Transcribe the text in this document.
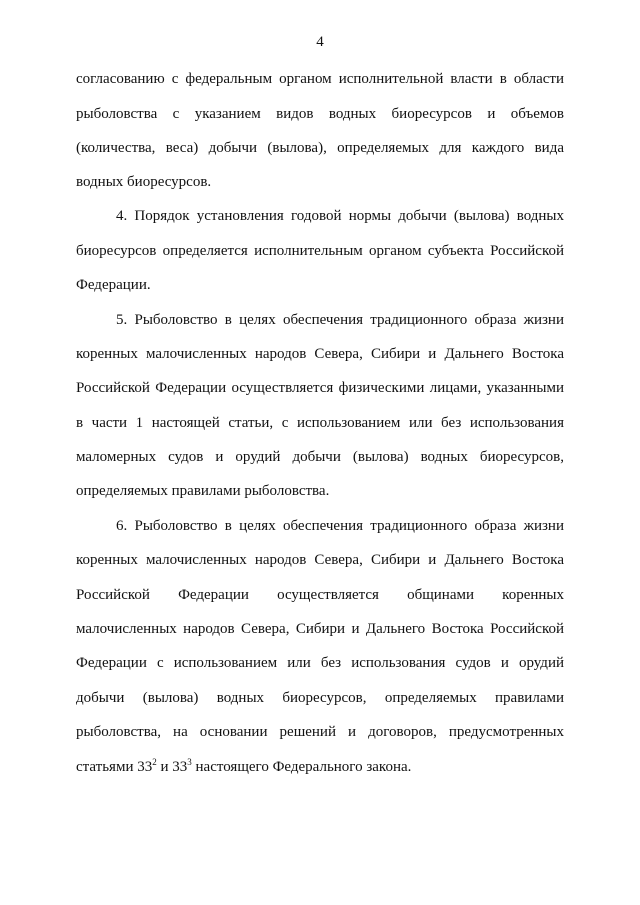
4
согласованию с федеральным органом исполнительной власти в области
рыболовства с указанием видов водных биоресурсов и объемов
(количества, веса) добычи (вылова), определяемых для каждого вида
водных биоресурсов.
4. Порядок установления годовой нормы добычи (вылова) водных
биоресурсов определяется исполнительным органом субъекта Российской
Федерации.
5. Рыболовство в целях обеспечения традиционного образа жизни
коренных малочисленных народов Севера, Сибири и Дальнего Востока
Российской Федерации осуществляется физическими лицами, указанными
в части 1 настоящей статьи, с использованием или без использования
маломерных судов и орудий добычи (вылова) водных биоресурсов,
определяемых правилами рыболовства.
6. Рыболовство в целях обеспечения традиционного образа жизни
коренных малочисленных народов Севера, Сибири и Дальнего Востока
Российской Федерации осуществляется общинами коренных
малочисленных народов Севера, Сибири и Дальнего Востока Российской
Федерации с использованием или без использования судов и орудий
добычи (вылова) водных биоресурсов, определяемых правилами
рыболовства, на основании решений и договоров, предусмотренных
статьями $33^2$ и $33^3$ настоящего Федерального закона.
